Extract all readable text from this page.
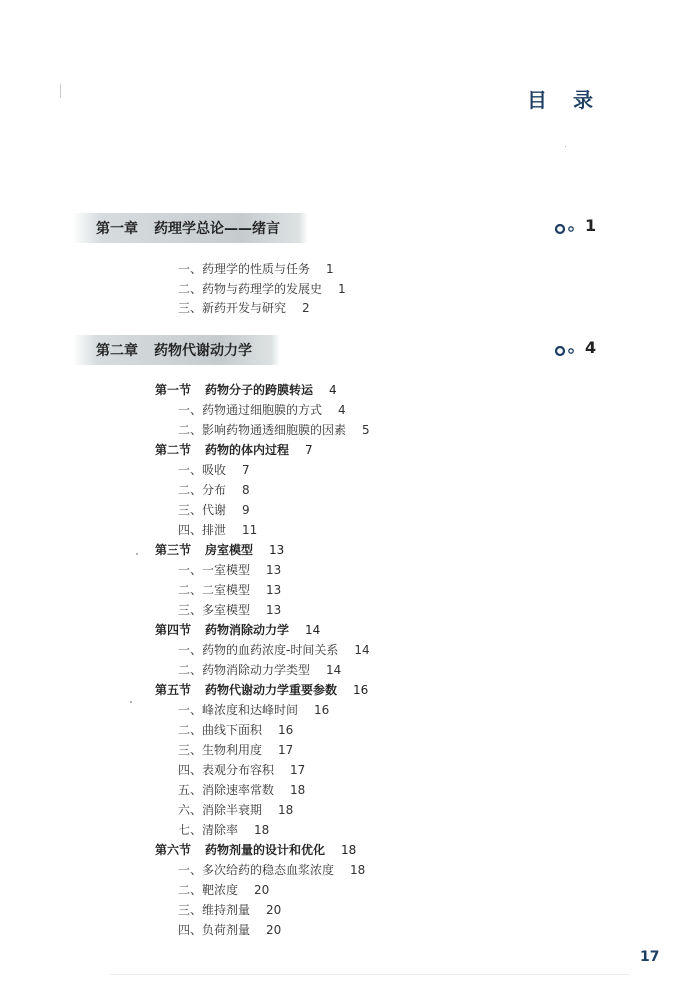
目录
第一章 药理学总论——绪言	1
一、药理学的性质与任务 1
二、药物与药理学的发展史 1
三、新药开发与研究 2
第二章 药物代谢动力学	4
第一节 药物分子的跨膜转运 4
一、药物通过细胞膜的方式 4
二、影响药物通透细胞膜的因素 5
第二节 药物的体内过程 7
一、吸收 7
二、分布 8
三、代谢 9
四、排泄 11
第三节 房室模型 13
一、一室模型 13
二、二室模型 13
三、多室模型 13
第四节 药物消除动力学 14
一、药物的血药浓度-时间关系 14
二、药物消除动力学类型 14
第五节 药物代谢动力学重要参数 16
一、峰浓度和达峰时间 16
二、曲线下面积 16
三、生物利用度 17
四、表观分布容积 17
五、消除速率常数 18
六、消除半衰期 18
七、清除率 18
第六节 药物剂量的设计和优化 18
一、多次给药的稳态血浆浓度 18
二、靶浓度 20
三、维持剂量 20
四、负荷剂量 20
17
